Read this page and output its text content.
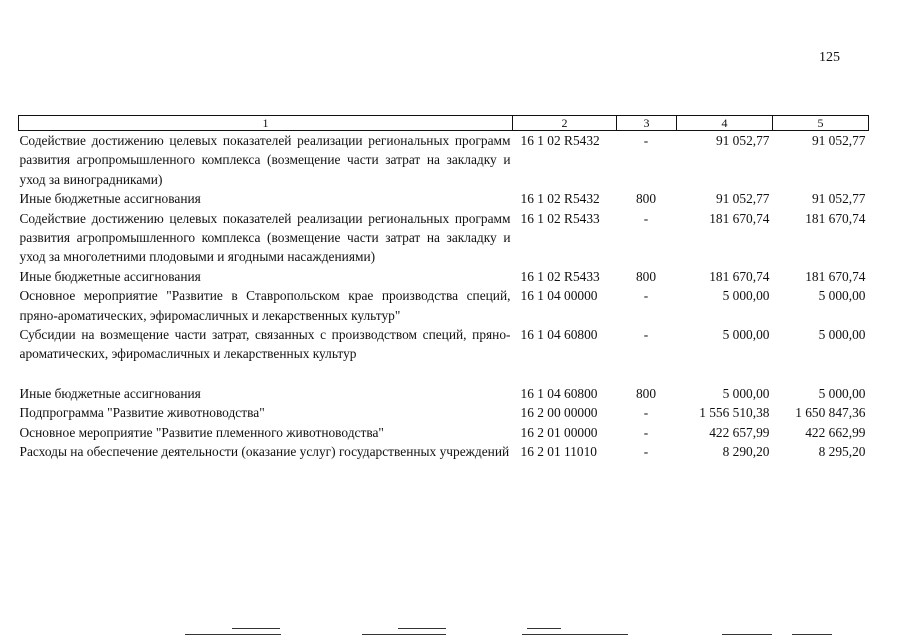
125
1	2	3	4	5
Содействие достижению целевых показателей реализации региональных программ развития агропромышленного комплекса (возмещение части затрат на закладку и уход за виноградниками)	16 1 02 R5432	-	91 052,77	91 052,77
Иные бюджетные ассигнования	16 1 02 R5432	800	91 052,77	91 052,77
Содействие достижению целевых показателей реализации региональных программ развития агропромышленного комплекса (возмещение части затрат на закладку и уход за многолетними плодовыми и ягодными насаждениями)	16 1 02 R5433	-	181 670,74	181 670,74
Иные бюджетные ассигнования	16 1 02 R5433	800	181 670,74	181 670,74
Основное мероприятие "Развитие в Ставропольском крае производства специй, пряно-ароматических, эфиромасличных и лекарственных культур"	16 1 04 00000	-	5 000,00	5 000,00
Субсидии на возмещение части затрат, связанных с производством специй, пряно-ароматических, эфиромасличных и лекарственных культур	16 1 04 60800	-	5 000,00	5 000,00
Иные бюджетные ассигнования	16 1 04 60800	800	5 000,00	5 000,00
Подпрограмма "Развитие животноводства"	16 2 00 00000	-	1 556 510,38	1 650 847,36
Основное мероприятие "Развитие племенного животноводства"	16 2 01 00000	-	422 657,99	422 662,99
Расходы на обеспечение деятельности (оказание услуг) государственных учреждений	16 2 01 11010	-	8 290,20	8 295,20
